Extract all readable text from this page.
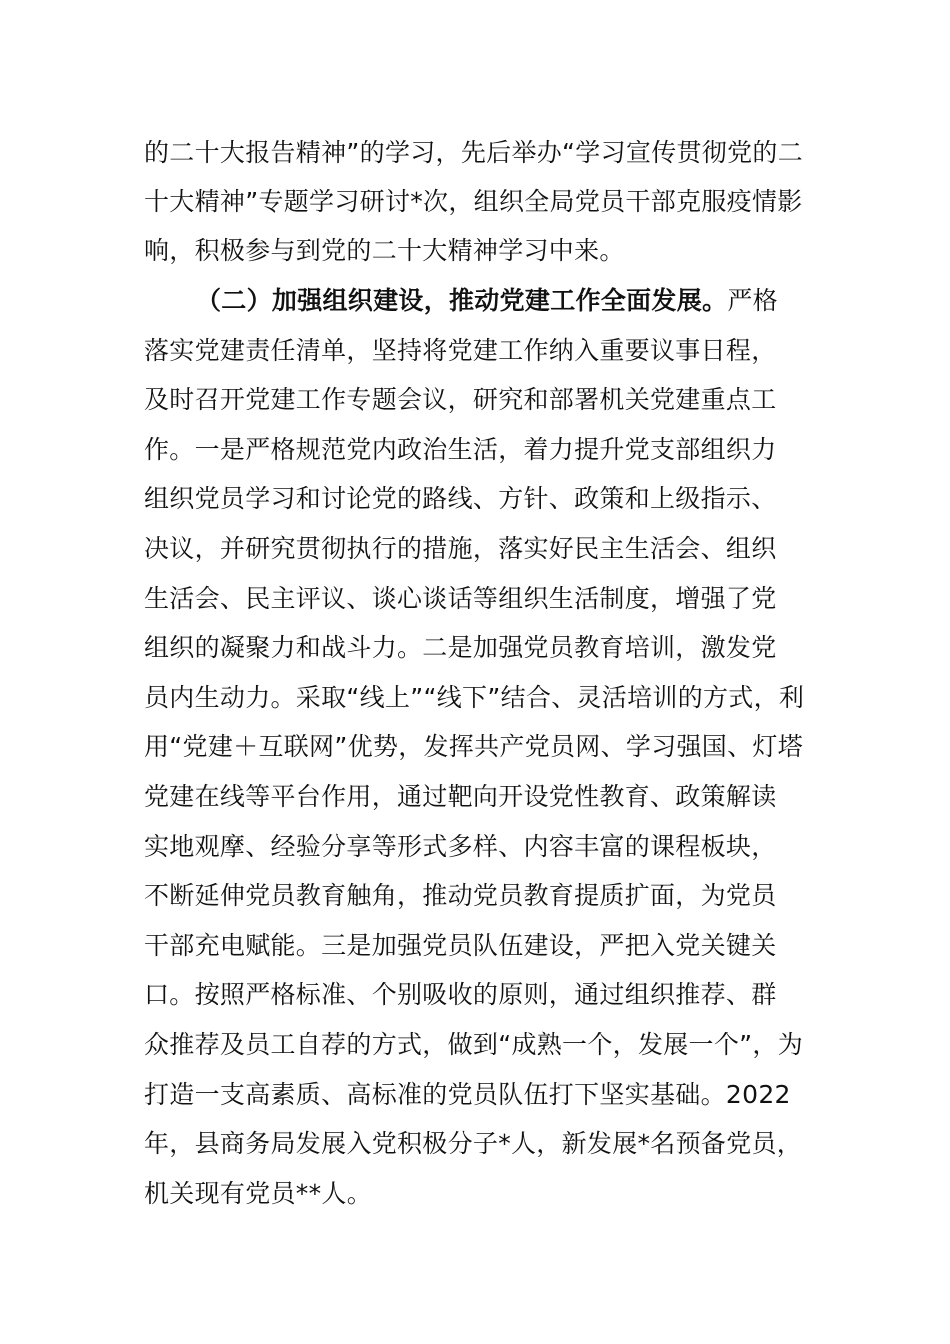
的二十大报告精神”的学习，先后举办“学习宣传贯彻党的二
十大精神”专题学习研讨*次，组织全局党员干部克服疫情影
响，积极参与到党的二十大精神学习中来。
（二）加强组织建设，推动党建工作全面发展。严格
落实党建责任清单，坚持将党建工作纳入重要议事日程，
及时召开党建工作专题会议，研究和部署机关党建重点工
作。一是严格规范党内政治生活，着力提升党支部组织力
组织党员学习和讨论党的路线、方针、政策和上级指示、
决议，并研究贯彻执行的措施，落实好民主生活会、组织
生活会、民主评议、谈心谈话等组织生活制度，增强了党
组织的凝聚力和战斗力。二是加强党员教育培训，激发党
员内生动力。采取“线上”“线下”结合、灵活培训的方式，利
用“党建＋互联网”优势，发挥共产党员网、学习强国、灯塔
党建在线等平台作用，通过靶向开设党性教育、政策解读
实地观摩、经验分享等形式多样、内容丰富的课程板块，
不断延伸党员教育触角，推动党员教育提质扩面，为党员
干部充电赋能。三是加强党员队伍建设，严把入党关键关
口。按照严格标准、个别吸收的原则，通过组织推荐、群
众推荐及员工自荐的方式，做到“成熟一个，发展一个”，为
打造一支高素质、高标准的党员队伍打下坚实基础。2022
年，县商务局发展入党积极分子*人，新发展*名预备党员，
机关现有党员**人。
